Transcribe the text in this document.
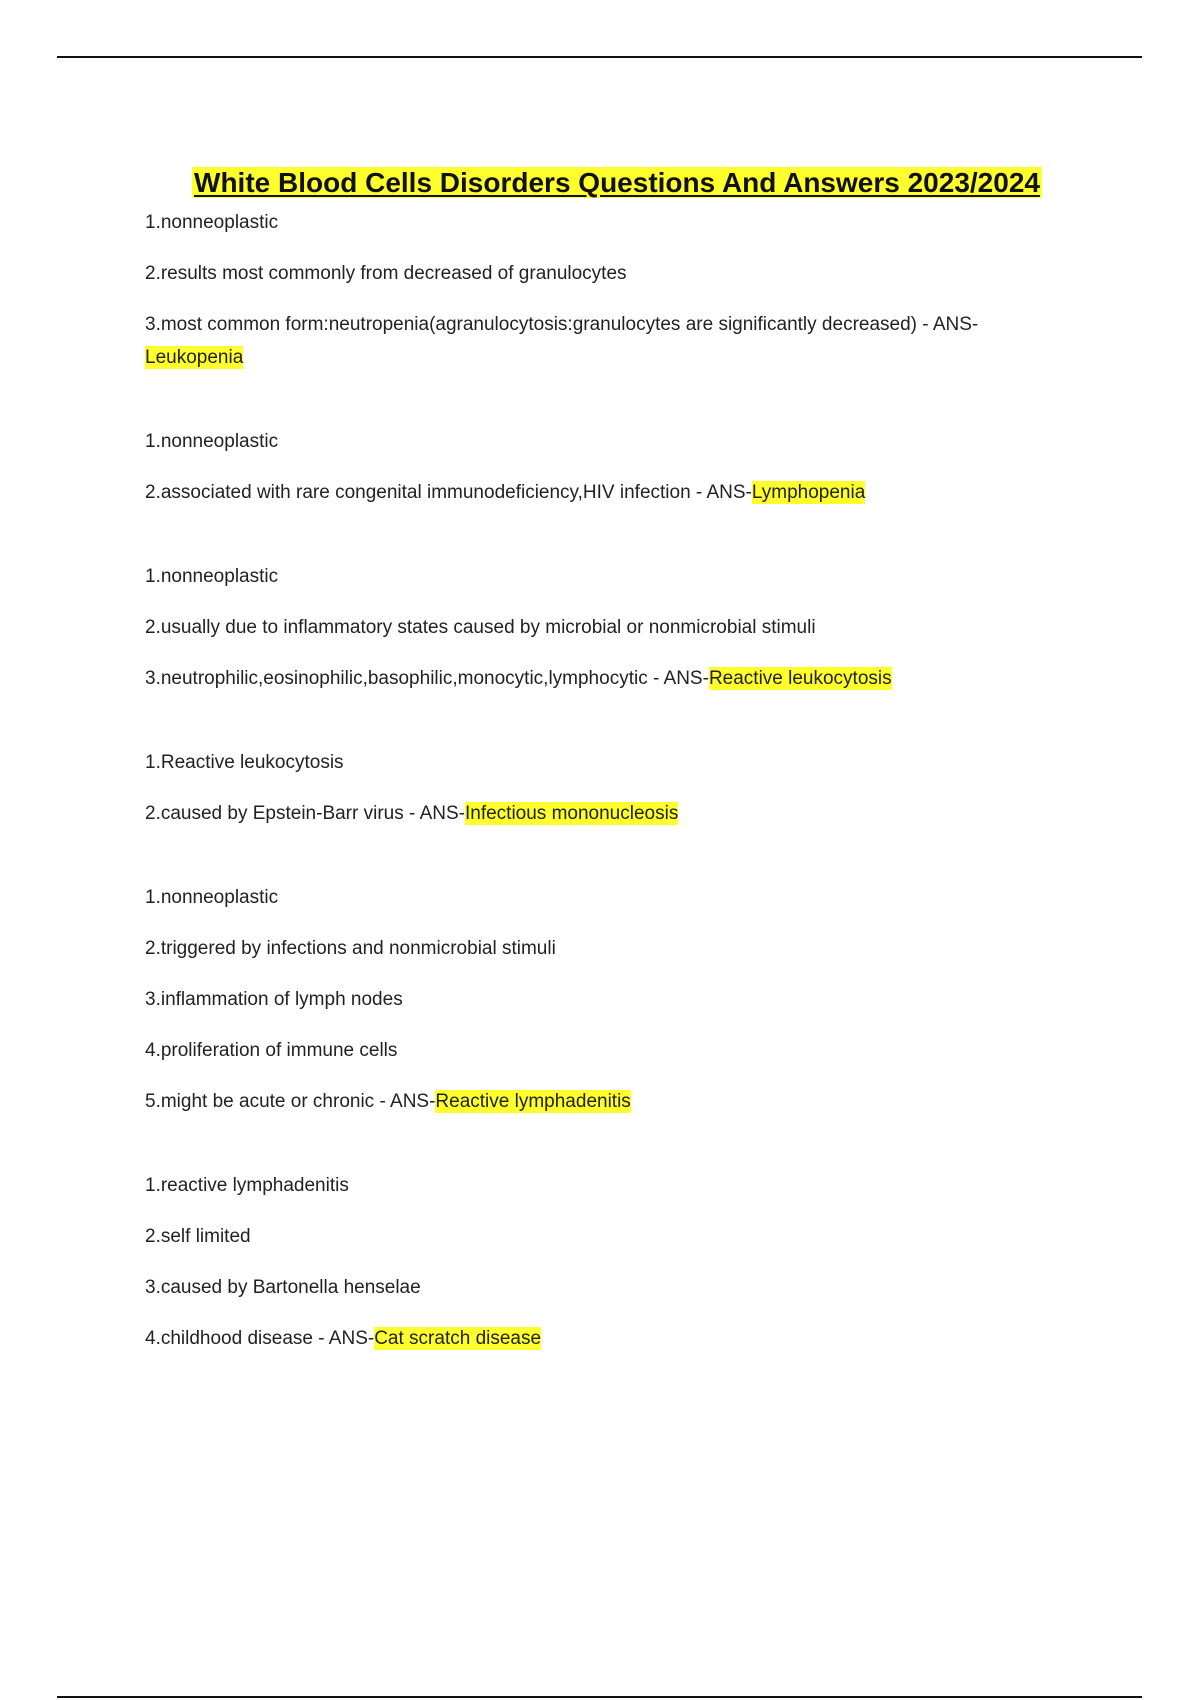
White Blood Cells Disorders Questions And Answers 2023/2024

1.nonneoplastic

2.results most commonly from decreased of granulocytes

3.most common form:neutropenia(agranulocytosis:granulocytes are significantly decreased) - ANS- Leukopenia

1.nonneoplastic

2.associated with rare congenital immunodeficiency,HIV infection - ANS-Lymphopenia

1.nonneoplastic

2.usually due to inflammatory states caused by microbial or nonmicrobial stimuli

3.neutrophilic,eosinophilic,basophilic,monocytic,lymphocytic - ANS-Reactive leukocytosis

1.Reactive leukocytosis

2.caused by Epstein-Barr virus - ANS-Infectious mononucleosis

1.nonneoplastic

2.triggered by infections and nonmicrobial stimuli

3.inflammation of lymph nodes

4.proliferation of immune cells

5.might be acute or chronic - ANS-Reactive lymphadenitis

1.reactive lymphadenitis

2.self limited

3.caused by Bartonella henselae

4.childhood disease - ANS-Cat scratch disease
